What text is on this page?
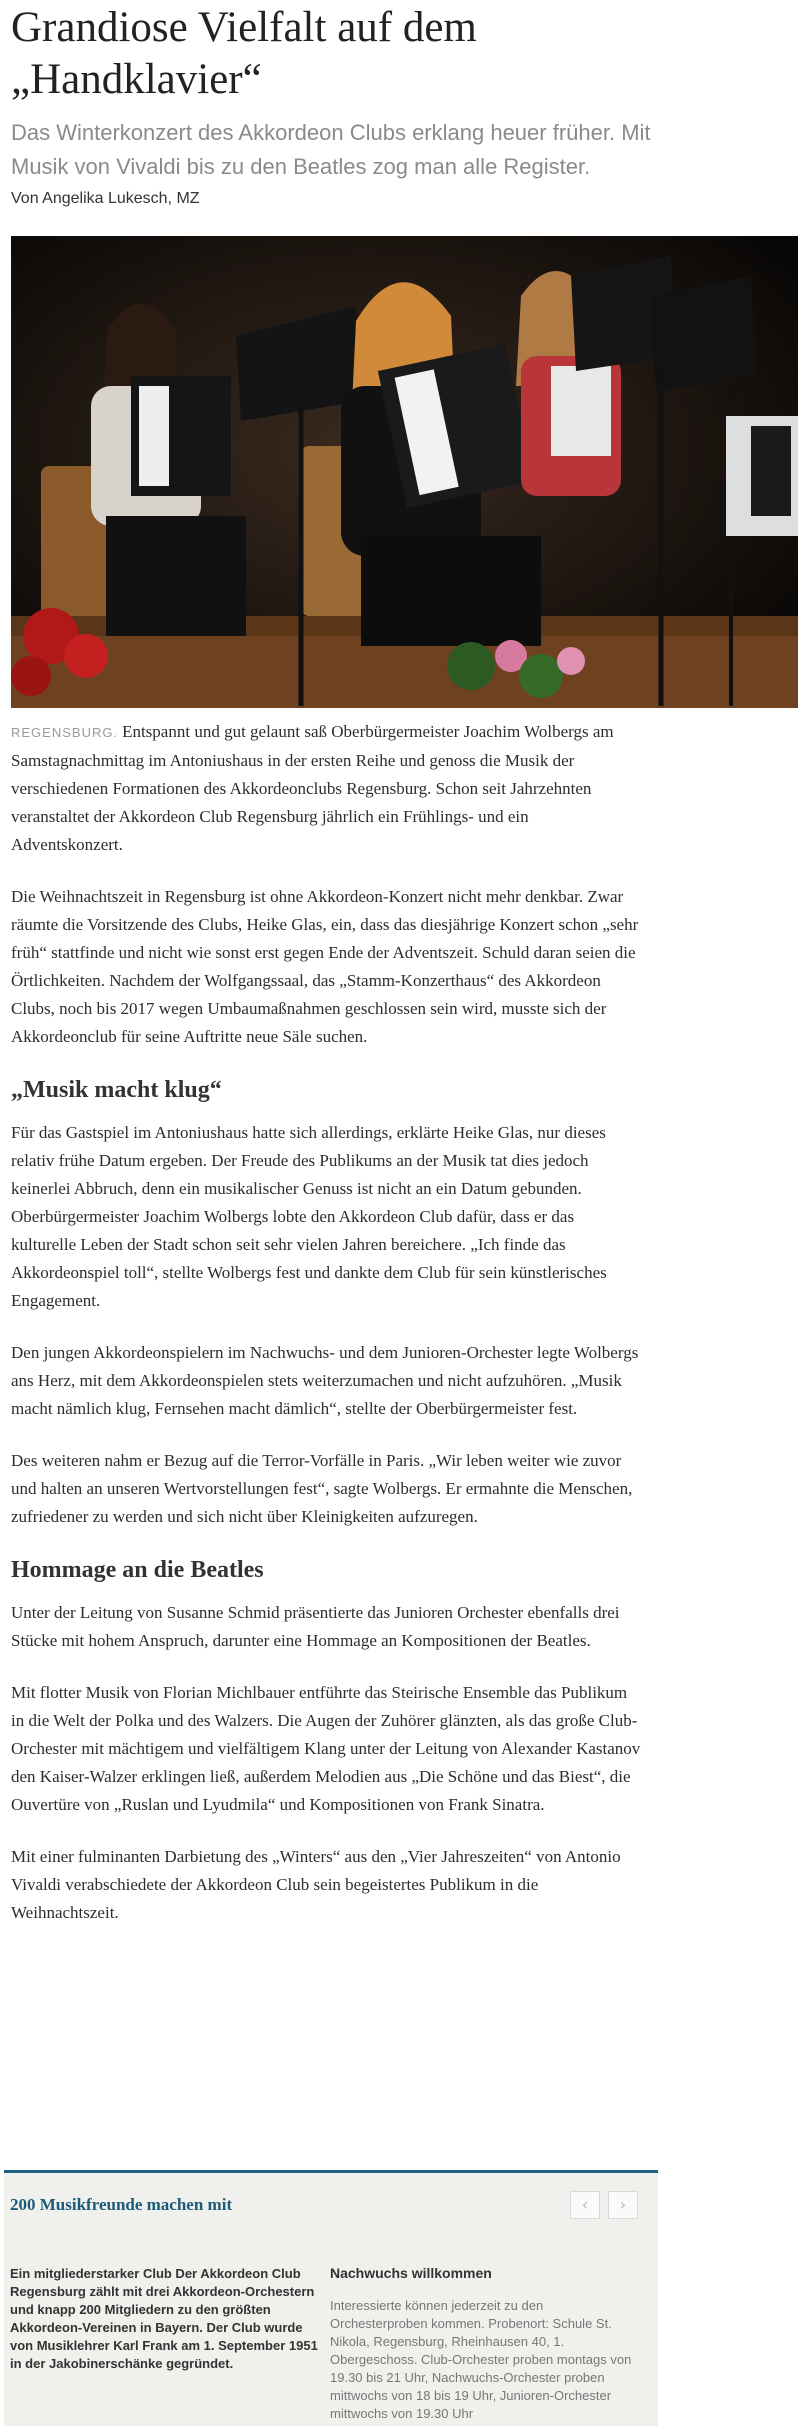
Grandiose Vielfalt auf dem „Handklavier“
Das Winterkonzert des Akkordeon Clubs erklang heuer früher. Mit Musik von Vivaldi bis zu den Beatles zog man alle Register.
Von Angelika Lukesch, MZ

REGENSBURG. Entspannt und gut gelaunt saß Oberbürgermeister Joachim Wolbergs am Samstagnachmittag im Antoniushaus in der ersten Reihe und genoss die Musik der verschiedenen Formationen des Akkordeonclubs Regensburg. Schon seit Jahrzehnten veranstaltet der Akkordeon Club Regensburg jährlich ein Frühlings- und ein Adventskonzert.

Die Weihnachtszeit in Regensburg ist ohne Akkordeon-Konzert nicht mehr denkbar. Zwar räumte die Vorsitzende des Clubs, Heike Glas, ein, dass das diesjährige Konzert schon „sehr früh“ stattfinde und nicht wie sonst erst gegen Ende der Adventszeit. Schuld daran seien die Örtlichkeiten. Nachdem der Wolfgangssaal, das „Stamm-Konzerthaus“ des Akkordeon Clubs, noch bis 2017 wegen Umbaumaßnahmen geschlossen sein wird, musste sich der Akkordeonclub für seine Auftritte neue Säle suchen.

„Musik macht klug“

Für das Gastspiel im Antoniushaus hatte sich allerdings, erklärte Heike Glas, nur dieses relativ frühe Datum ergeben. Der Freude des Publikums an der Musik tat dies jedoch keinerlei Abbruch, denn ein musikalischer Genuss ist nicht an ein Datum gebunden. Oberbürgermeister Joachim Wolbergs lobte den Akkordeon Club dafür, dass er das kulturelle Leben der Stadt schon seit sehr vielen Jahren bereichere. „Ich finde das Akkordeonspiel toll“, stellte Wolbergs fest und dankte dem Club für sein künstlerisches Engagement.

Den jungen Akkordeonspielern im Nachwuchs- und dem Junioren-Orchester legte Wolbergs ans Herz, mit dem Akkordeonspielen stets weiterzumachen und nicht aufzuhören. „Musik macht nämlich klug, Fernsehen macht dämlich“, stellte der Oberbürgermeister fest.

Des weiteren nahm er Bezug auf die Terror-Vorfälle in Paris. „Wir leben weiter wie zuvor und halten an unseren Wertvorstellungen fest“, sagte Wolbergs. Er ermahnte die Menschen, zufriedener zu werden und sich nicht über Kleinigkeiten aufzuregen.

Hommage an die Beatles

Unter der Leitung von Susanne Schmid präsentierte das Junioren Orchester ebenfalls drei Stücke mit hohem Anspruch, darunter eine Hommage an Kompositionen der Beatles.

Mit flotter Musik von Florian Michlbauer entführte das Steirische Ensemble das Publikum in die Welt der Polka und des Walzers. Die Augen der Zuhörer glänzten, als das große Club-Orchester mit mächtigem und vielfältigem Klang unter der Leitung von Alexander Kastanov den Kaiser-Walzer erklingen ließ, außerdem Melodien aus „Die Schöne und das Biest“, die Ouvertüre von „Ruslan und Lyudmila“ und Kompositionen von Frank Sinatra.

Mit einer fulminanten Darbietung des „Winters“ aus den „Vier Jahreszeiten“ von Antonio Vivaldi verabschiedete der Akkordeon Club sein begeistertes Publikum in die Weihnachtszeit.

200 Musikfreunde machen mit	‹	›
Ein mitgliederstarker Club Der Akkordeon Club Regensburg zählt mit drei Akkordeon-Orchestern und knapp 200 Mitgliedern zu den größten Akkordeon-Vereinen in Bayern. Der Club wurde von Musiklehrer Karl Frank am 1. September 1951 in der Jakobinerschänke gegründet.
Nachwuchs willkommen
Interessierte können jederzeit zu den Orchesterproben kommen. Probenort: Schule St. Nikola, Regensburg, Rheinhausen 40, 1. Obergeschoss. Club-Orchester proben montags von 19.30 bis 21 Uhr, Nachwuchs-Orchester proben mittwochs von 18 bis 19 Uhr, Junioren-Orchester mittwochs von 19.30 Uhr
